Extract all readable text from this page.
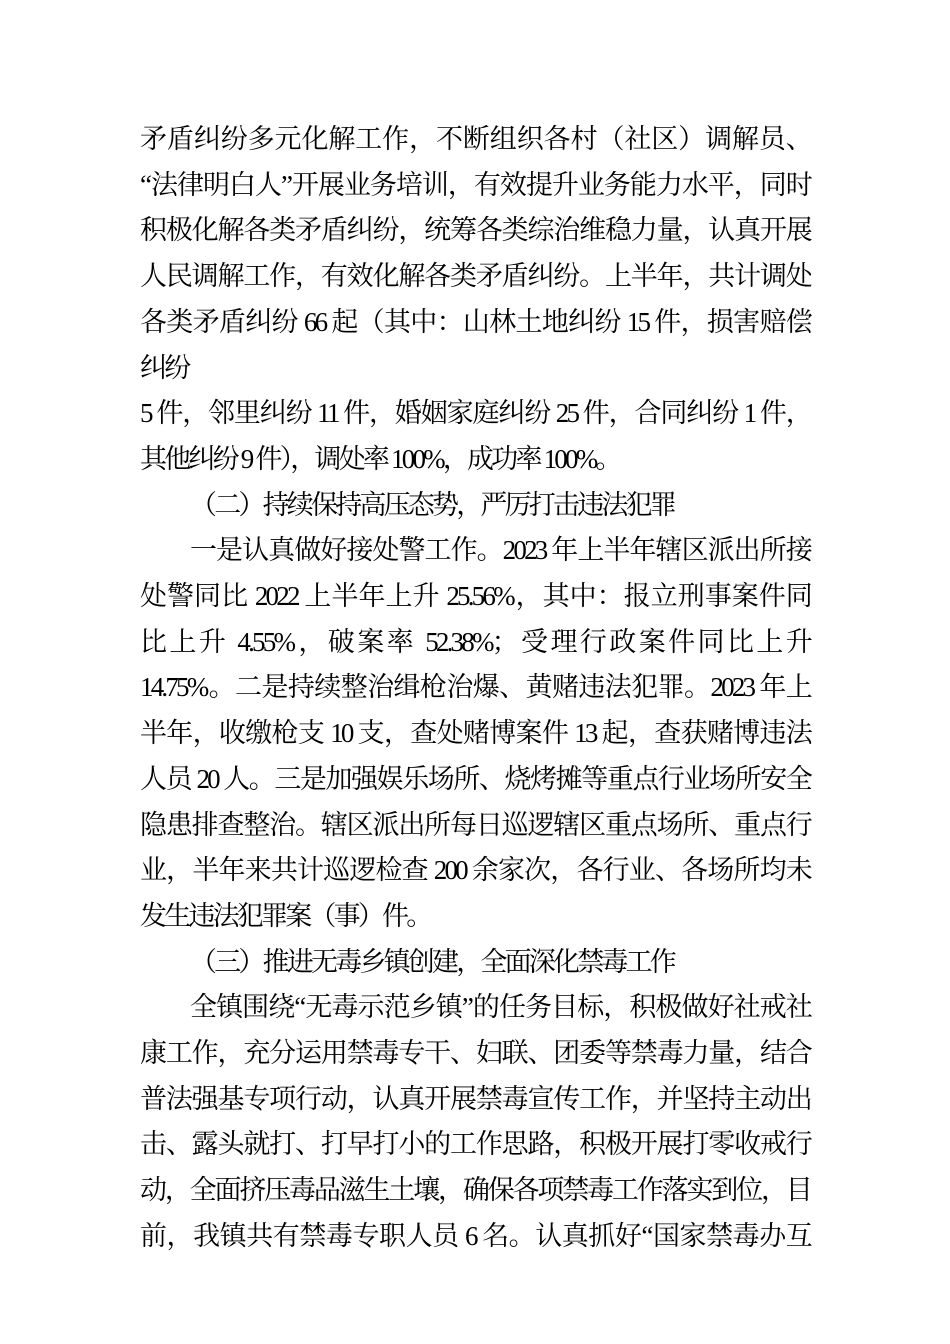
矛盾纠纷多元化解工作，不断组织各村（社区）调解员、
“法律明白人”开展业务培训，有效提升业务能力水平，同时
积极化解各类矛盾纠纷，统筹各类综治维稳力量，认真开展
人民调解工作，有效化解各类矛盾纠纷。上半年，共计调处
各类矛盾纠纷 66 起（其中：山林土地纠纷 15 件，损害赔偿
纠纷
5 件，邻里纠纷 11 件，婚姻家庭纠纷 25 件，合同纠纷 1 件，
其他纠纷 9 件），调处率 100%，成功率 100%。
（二）持续保持高压态势，严厉打击违法犯罪
一是认真做好接处警工作。2023 年上半年辖区派出所接
处警同比 2022 上半年上升 25.56%，其中：报立刑事案件同
比上升 4.55%，破案率 52.38%；受理行政案件同比上升
14.75%。二是持续整治缉枪治爆、黄赌违法犯罪。2023 年上
半年，收缴枪支 10 支，查处赌博案件 13 起，查获赌博违法
人员 20 人。三是加强娱乐场所、烧烤摊等重点行业场所安全
隐患排查整治。辖区派出所每日巡逻辖区重点场所、重点行
业，半年来共计巡逻检查 200 余家次，各行业、各场所均未
发生违法犯罪案（事）件。
（三）推进无毒乡镇创建，全面深化禁毒工作
全镇围绕“无毒示范乡镇”的任务目标，积极做好社戒社
康工作，充分运用禁毒专干、妇联、团委等禁毒力量，结合
普法强基专项行动，认真开展禁毒宣传工作，并坚持主动出
击、露头就打、打早打小的工作思路，积极开展打零收戒行
动，全面挤压毒品滋生土壤，确保各项禁毒工作落实到位，目
前，我镇共有禁毒专职人员 6 名。认真抓好“国家禁毒办互
